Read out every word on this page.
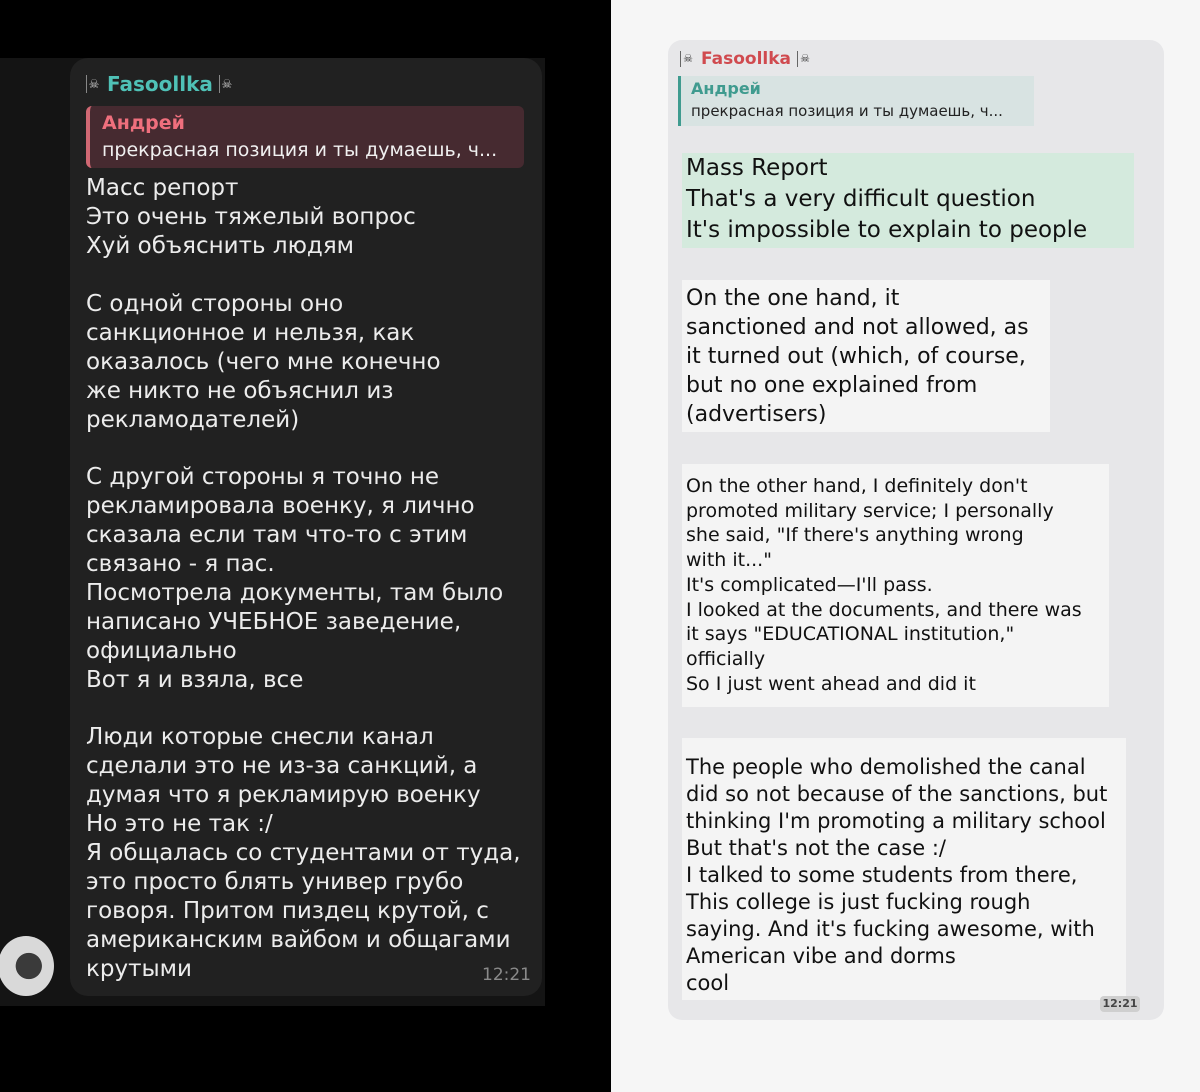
☠ Fasoollka ☠
Андрей
прекрасная позиция и ты думаешь, ч...
Масс репорт
Это очень тяжелый вопрос
Хуй объяснить людям
С одной стороны оно
санкционное и нельзя, как
оказалось (чего мне конечно
же никто не объяснил из
рекламодателей)
С другой стороны я точно не
рекламировала военку, я лично
сказала если там что-то с этим
связано - я пас.
Посмотрела документы, там было
написано УЧЕБНОЕ заведение,
официально
Вот я и взяла, все
Люди которые снесли канал
сделали это не из-за санкций, а
думая что я рекламирую военку
Но это не так :/
Я общалась со студентами от туда,
это просто блять универ грубо
говоря. Притом пиздец крутой, с
американским вайбом и общагами
крутыми	12:21
☠ Fasoollka ☠
Андрей
прекрасная позиция и ты думаешь, ч...
Mass Report
That's a very difficult question
It's impossible to explain to people
On the one hand, it
sanctioned and not allowed, as
it turned out (which, of course,
but no one explained from
(advertisers)
On the other hand, I definitely don't
promoted military service; I personally
she said, "If there's anything wrong
with it..."
It's complicated—I'll pass.
I looked at the documents, and there was
it says "EDUCATIONAL institution,"
officially
So I just went ahead and did it
The people who demolished the canal
did so not because of the sanctions, but
thinking I'm promoting a military school
But that's not the case :/
I talked to some students from there,
This college is just fucking rough
saying. And it's fucking awesome, with
American vibe and dorms
cool
12:21
